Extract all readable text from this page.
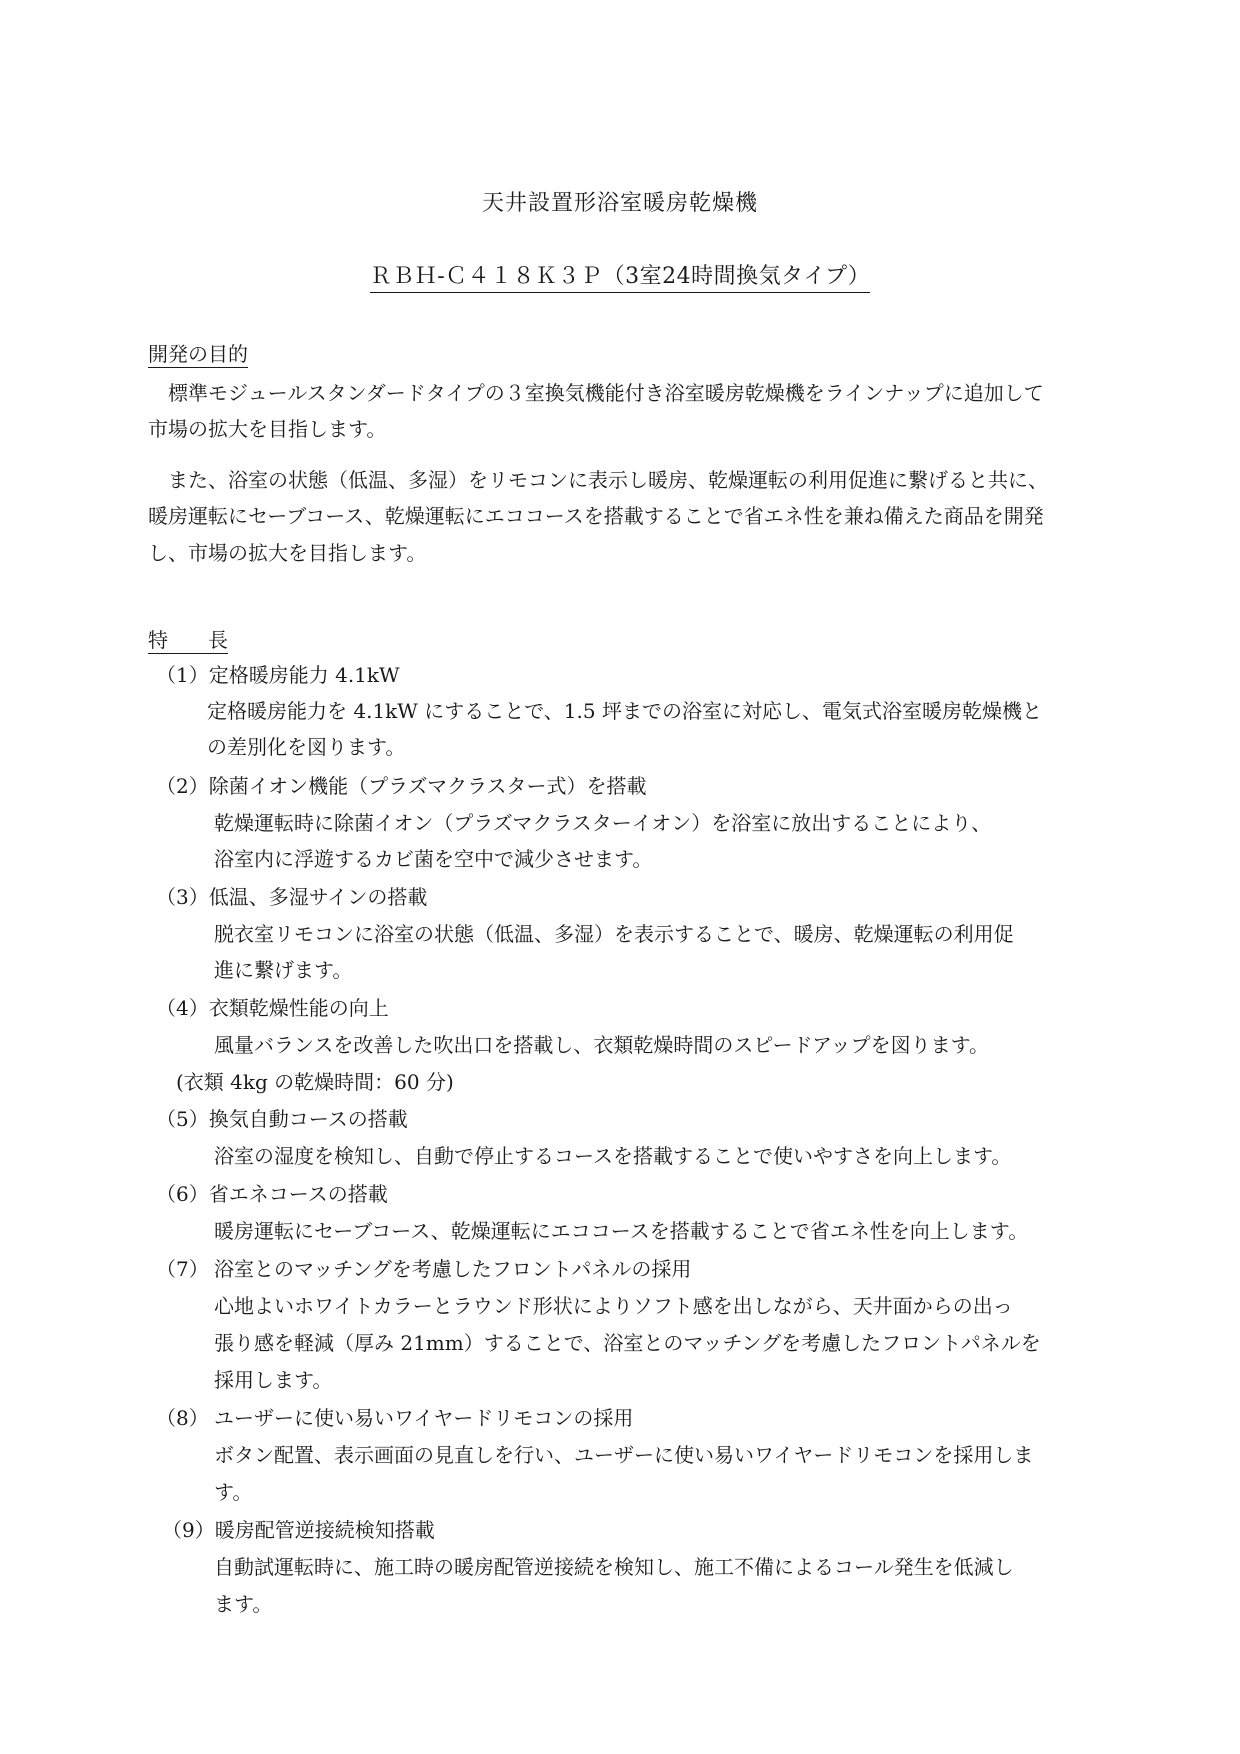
天井設置形浴室暖房乾燥機
ＲＢＨ-Ｃ４１８Ｋ３Ｐ（3室24時間換気タイプ）
開発の目的

　標準モジュールスタンダードタイプの３室換気機能付き浴室暖房乾燥機をラインナップに追加して

市場の拡大を目指します。

　また、浴室の状態（低温、多湿）をリモコンに表示し暖房、乾燥運転の利用促進に繋げると共に、

暖房運転にセーブコース、乾燥運転にエココースを搭載することで省エネ性を兼ね備えた商品を開発

し、市場の拡大を目指します。

特　　長
（1）定格暖房能力 4.1kW
定格暖房能力を 4.1kW にすることで、1.5 坪までの浴室に対応し、電気式浴室暖房乾燥機と
の差別化を図ります。
（2）除菌イオン機能（プラズマクラスター式）を搭載
乾燥運転時に除菌イオン（プラズマクラスターイオン）を浴室に放出することにより、
浴室内に浮遊するカビ菌を空中で減少させます。
（3）低温、多湿サインの搭載
脱衣室リモコンに浴室の状態（低温、多湿）を表示することで、暖房、乾燥運転の利用促
進に繋げます。
（4）衣類乾燥性能の向上
風量バランスを改善した吹出口を搭載し、衣類乾燥時間のスピードアップを図ります。
(衣類 4kg の乾燥時間：60 分)
（5）換気自動コースの搭載
浴室の湿度を検知し、自動で停止するコースを搭載することで使いやすさを向上します。
（6）省エネコースの搭載
暖房運転にセーブコース、乾燥運転にエココースを搭載することで省エネ性を向上します。
（7） 浴室とのマッチングを考慮したフロントパネルの採用
心地よいホワイトカラーとラウンド形状によりソフト感を出しながら、天井面からの出っ
張り感を軽減（厚み 21mm）することで、浴室とのマッチングを考慮したフロントパネルを
採用します。
（8） ユーザーに使い易いワイヤードリモコンの採用
ボタン配置、表示画面の見直しを行い、ユーザーに使い易いワイヤードリモコンを採用しま
す。
（9）暖房配管逆接続検知搭載
自動試運転時に、施工時の暖房配管逆接続を検知し、施工不備によるコール発生を低減し
ます。
